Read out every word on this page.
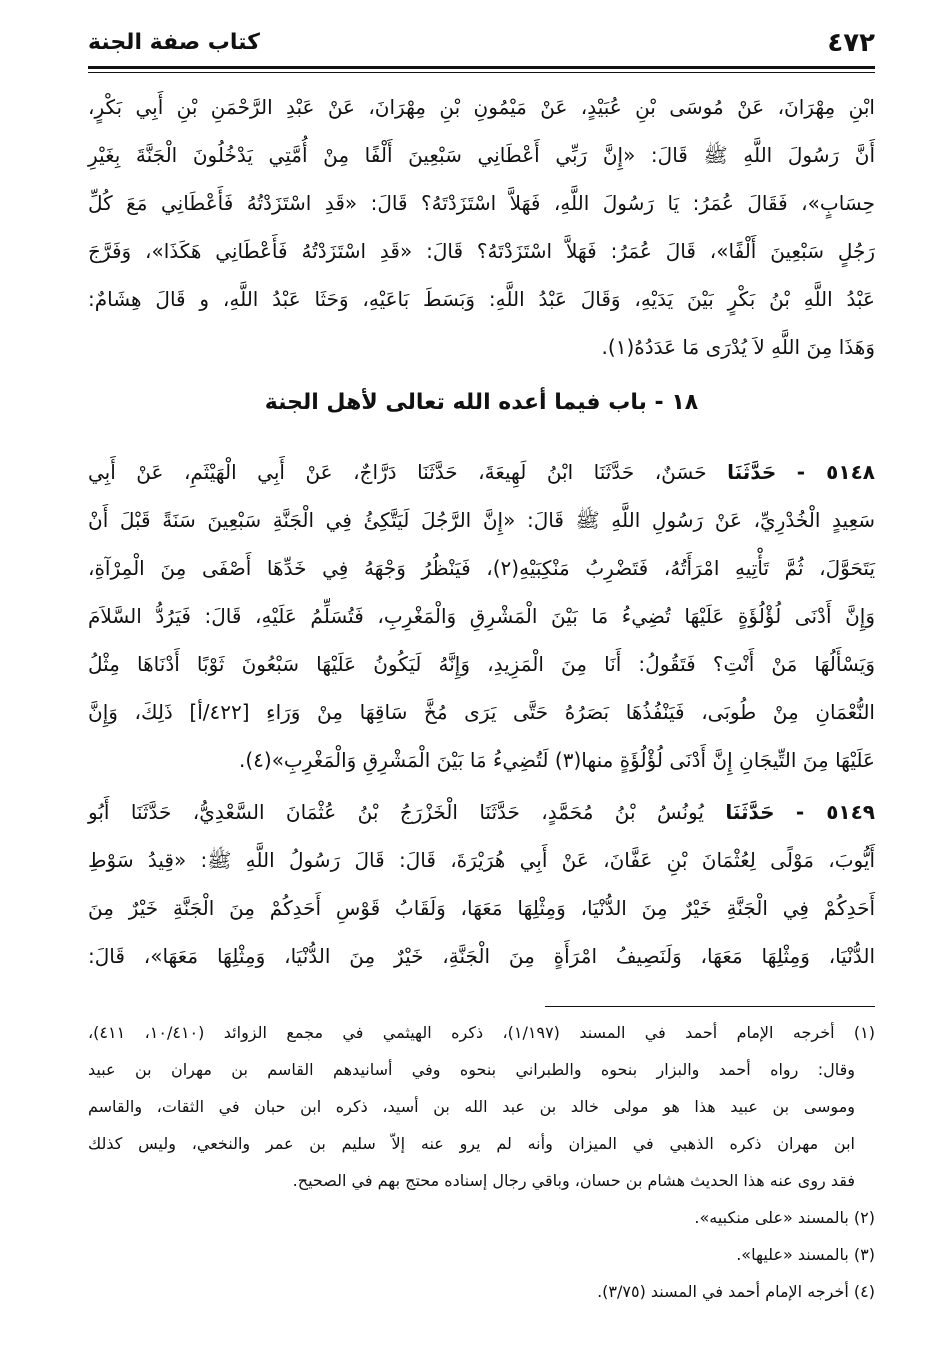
٤٧٢
كتاب صفة الجنة
ابْنِ مِهْرَانَ، عَنْ مُوسَى بْنِ عُبَيْدٍ، عَنْ مَيْمُونِ بْنِ مِهْرَانَ، عَنْ عَبْدِ الرَّحْمَنِ بْنِ أَبِي بَكْرٍ،
أَنَّ رَسُولَ اللَّهِ ﷺ قَالَ: «إِنَّ رَبِّي أَعْطَانِي سَبْعِينَ أَلْفًا مِنْ أُمَّتِي يَدْخُلُونَ الْجَنَّةَ بِغَيْرِ
حِسَابٍ»، فَقَالَ عُمَرُ: يَا رَسُولَ اللَّهِ، فَهَلاَّ اسْتَزَدْتَهُ؟ قَالَ: «قَدِ اسْتَزَدْتُهُ فَأَعْطَانِي مَعَ كُلِّ
رَجُلٍ سَبْعِينَ أَلْفًا»، قَالَ عُمَرُ: فَهَلاَّ اسْتَزَدْتَهُ؟ قَالَ: «قَدِ اسْتَزَدْتُهُ فَأَعْطَانِي هَكَذَا»، وَفَرَّجَ
عَبْدُ اللَّهِ بْنُ بَكْرٍ بَيْنَ يَدَيْهِ، وَقَالَ عَبْدُ اللَّهِ: وَبَسَطَ بَاعَيْهِ، وَحَثَا عَبْدُ اللَّهِ، و قَالَ هِشَامٌ:
وَهَذَا مِنَ اللَّهِ لاَ يُدْرَى مَا عَدَدُهُ(١).
١٨ - باب فيما أعده الله تعالى لأهل الجنة
٥١٤٨ - حَدَّثَنَا حَسَنٌ، حَدَّثَنَا ابْنُ لَهِيعَةَ، حَدَّثَنَا دَرَّاجٌ، عَنْ أَبِي الْهَيْثَمِ، عَنْ أَبِي
سَعِيدٍ الْخُدْرِيِّ، عَنْ رَسُولِ اللَّهِ ﷺ قَالَ: «إِنَّ الرَّجُلَ لَيَتَّكِئُ فِي الْجَنَّةِ سَبْعِينَ سَنَةً قَبْلَ أَنْ
يَتَحَوَّلَ، ثُمَّ تَأْتِيهِ امْرَأَتُهُ، فَتَضْرِبُ مَنْكِبَيْهِ(٢)، فَيَنْظُرُ وَجْهَهُ فِي خَدِّهَا أَصْفَى مِنَ الْمِرْآةِ،
وَإِنَّ أَدْنَى لُؤْلُؤَةٍ عَلَيْهَا تُضِيءُ مَا بَيْنَ الْمَشْرِقِ وَالْمَغْرِبِ، فَتُسَلِّمُ عَلَيْهِ، قَالَ: فَيَرُدُّ السَّلاَمَ
وَيَسْأَلُهَا مَنْ أَنْتِ؟ فَتَقُولُ: أَنَا مِنَ الْمَزِيدِ، وَإِنَّهُ لَيَكُونُ عَلَيْهَا سَبْعُونَ ثَوْبًا أَدْنَاهَا مِثْلُ
النُّعْمَانِ مِنْ طُوبَى، فَيَنْفُذُهَا بَصَرُهُ حَتَّى يَرَى مُخَّ سَاقِهَا مِنْ وَرَاءِ [٤٢٢/أ] ذَلِكَ، وَإِنَّ
عَلَيْهَا مِنَ التِّيجَانِ إِنَّ أَدْنَى لُؤْلُؤَةٍ منها(٣) لَتُضِيءُ مَا بَيْنَ الْمَشْرِقِ وَالْمَغْرِبِ»(٤).
٥١٤٩ - حَدَّثَنَا يُونُسُ بْنُ مُحَمَّدٍ، حَدَّثَنَا الْخَزْرَجُ بْنُ عُثْمَانَ السَّعْدِيُّ، حَدَّثَنَا أَبُو
أَيُّوبَ، مَوْلًى لِعُثْمَانَ بْنِ عَفَّانَ، عَنْ أَبِي هُرَيْرَةَ، قَالَ: قَالَ رَسُولُ اللَّهِ ﷺ: «قِيدُ سَوْطِ
أَحَدِكُمْ فِي الْجَنَّةِ خَيْرٌ مِنَ الدُّنْيَا، وَمِثْلِهَا مَعَهَا، وَلَقَابُ قَوْسِ أَحَدِكُمْ مِنَ الْجَنَّةِ خَيْرٌ مِنَ
الدُّنْيَا، وَمِثْلِهَا مَعَهَا، وَلَنَصِيفُ امْرَأَةٍ مِنَ الْجَنَّةِ، خَيْرٌ مِنَ الدُّنْيَا، وَمِثْلِهَا مَعَهَا»، قَالَ:
(١) أخرجه الإمام أحمد في المسند (١/١٩٧)، ذكره الهيثمي في مجمع الزوائد (١٠/٤١٠، ٤١١)،
وقال: رواه أحمد والبزار بنحوه والطبراني بنحوه وفي أسانيدهم القاسم بن مهران بن عبيد
وموسى بن عبيد هذا هو مولى خالد بن عبد الله بن أسيد، ذكره ابن حبان في الثقات، والقاسم
ابن مهران ذكره الذهبي في الميزان وأنه لم يرو عنه إلاّ سليم بن عمر والنخعي، وليس كذلك
فقد روى عنه هذا الحديث هشام بن حسان، وباقي رجال إسناده محتج بهم في الصحيح.
(٢) بالمسند «على منكبيه».
(٣) بالمسند «عليها».
(٤) أخرجه الإمام أحمد في المسند (٣/٧٥).
